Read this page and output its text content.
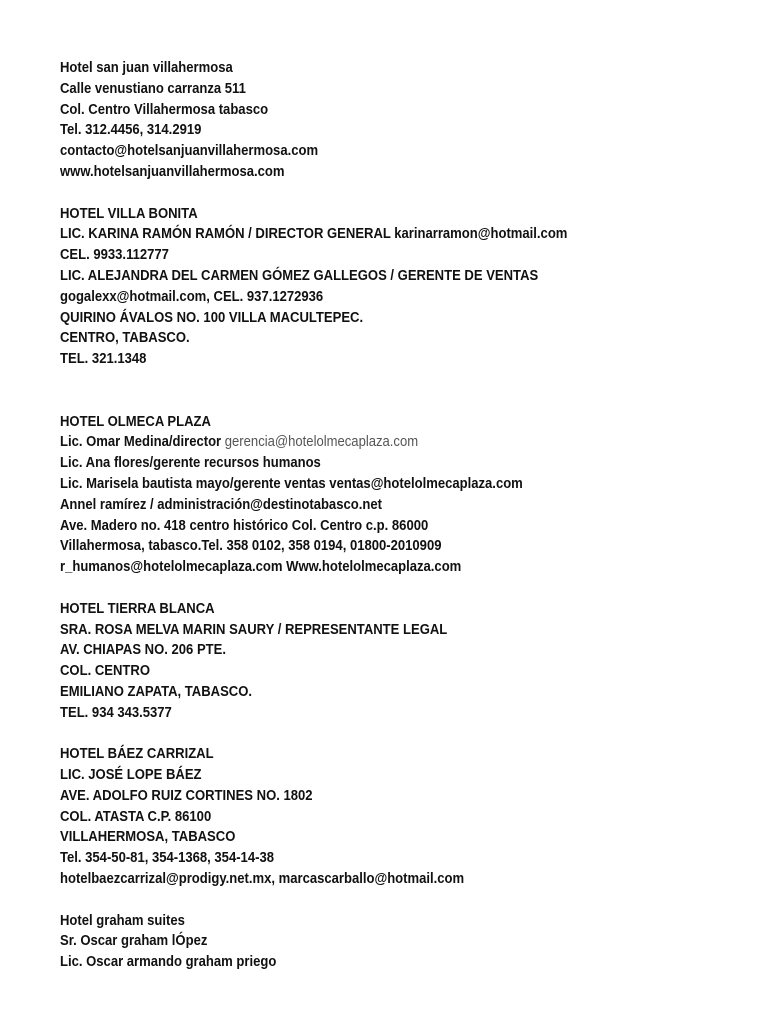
Hotel san juan villahermosa
Calle venustiano carranza 511
Col. Centro Villahermosa tabasco
Tel. 312.4456, 314.2919
contacto@hotelsanjuanvillahermosa.com
www.hotelsanjuanvillahermosa.com
HOTEL VILLA BONITA
LIC. KARINA RAMÓN RAMÓN / DIRECTOR GENERAL karinarramon@hotmail.com
CEL. 9933.112777
LIC. ALEJANDRA DEL CARMEN GÓMEZ GALLEGOS / GERENTE DE VENTAS
gogalexx@hotmail.com, CEL. 937.1272936
QUIRINO ÁVALOS NO. 100 VILLA MACULTEPEC.
CENTRO, TABASCO.
TEL. 321.1348
HOTEL OLMECA PLAZA
Lic. Omar Medina/director gerencia@hotelolmecaplaza.com
Lic. Ana flores/gerente recursos humanos
Lic. Marisela bautista mayo/gerente ventas ventas@hotelolmecaplaza.com
Annel ramírez / administración@destinotabasco.net
Ave. Madero no. 418 centro histórico Col. Centro c.p. 86000
Villahermosa, tabasco.Tel. 358 0102, 358 0194, 01800-2010909
r_humanos@hotelolmecaplaza.com Www.hotelolmecaplaza.com
HOTEL TIERRA BLANCA
SRA. ROSA MELVA MARIN SAURY / REPRESENTANTE LEGAL
AV. CHIAPAS NO. 206 PTE.
COL. CENTRO
EMILIANO ZAPATA, TABASCO.
TEL. 934 343.5377
HOTEL BÁEZ CARRIZAL
LIC. JOSÉ LOPE BÁEZ
AVE. ADOLFO RUIZ CORTINES NO. 1802
COL. ATASTA C.P. 86100
VILLAHERMOSA, TABASCO
Tel. 354-50-81, 354-1368, 354-14-38
hotelbaezcarrizal@prodigy.net.mx, marcascarballo@hotmail.com
Hotel graham suites
Sr. Oscar graham lÓpez
Lic. Oscar armando graham priego
